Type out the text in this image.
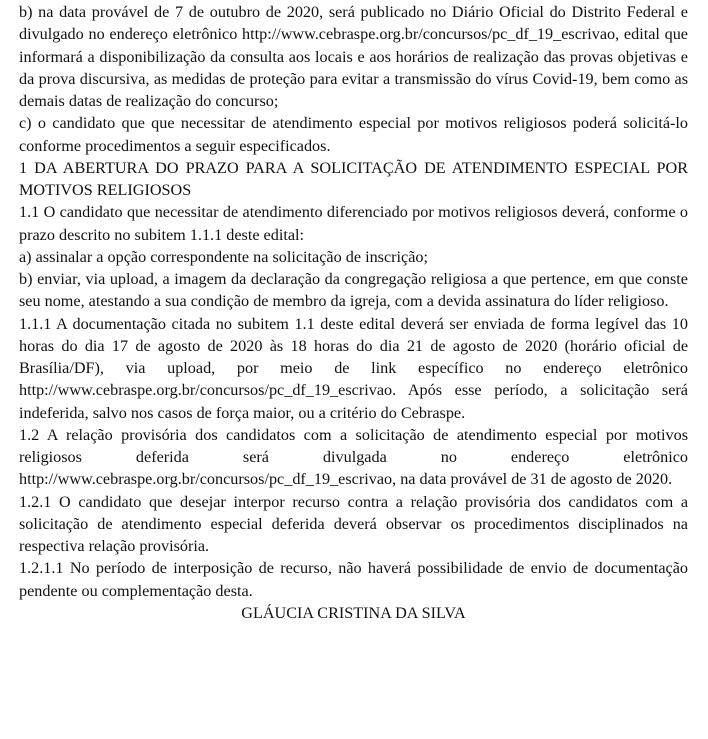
b) na data provável de 7 de outubro de 2020, será publicado no Diário Oficial do Distrito Federal e divulgado no endereço eletrônico http://www.cebraspe.org.br/concursos/pc_df_19_escrivao, edital que informará a disponibilização da consulta aos locais e aos horários de realização das provas objetivas e da prova discursiva, as medidas de proteção para evitar a transmissão do vírus Covid-19, bem como as demais datas de realização do concurso;

c) o candidato que que necessitar de atendimento especial por motivos religiosos poderá solicitá-lo conforme procedimentos a seguir especificados.

1 DA ABERTURA DO PRAZO PARA A SOLICITAÇÃO DE ATENDIMENTO ESPECIAL POR MOTIVOS RELIGIOSOS

1.1 O candidato que necessitar de atendimento diferenciado por motivos religiosos deverá, conforme o prazo descrito no subitem 1.1.1 deste edital:

a) assinalar a opção correspondente na solicitação de inscrição;

b) enviar, via upload, a imagem da declaração da congregação religiosa a que pertence, em que conste seu nome, atestando a sua condição de membro da igreja, com a devida assinatura do líder religioso.

1.1.1 A documentação citada no subitem 1.1 deste edital deverá ser enviada de forma legível das 10 horas do dia 17 de agosto de 2020 às 18 horas do dia 21 de agosto de 2020 (horário oficial de Brasília/DF), via upload, por meio de link específico no endereço eletrônico http://www.cebraspe.org.br/concursos/pc_df_19_escrivao. Após esse período, a solicitação será indeferida, salvo nos casos de força maior, ou a critério do Cebraspe.

1.2 A relação provisória dos candidatos com a solicitação de atendimento especial por motivos religiosos deferida será divulgada no endereço eletrônico http://www.cebraspe.org.br/concursos/pc_df_19_escrivao, na data provável de 31 de agosto de 2020.

1.2.1 O candidato que desejar interpor recurso contra a relação provisória dos candidatos com a solicitação de atendimento especial deferida deverá observar os procedimentos disciplinados na respectiva relação provisória.

1.2.1.1 No período de interposição de recurso, não haverá possibilidade de envio de documentação pendente ou complementação desta.

GLÁUCIA CRISTINA DA SILVA
